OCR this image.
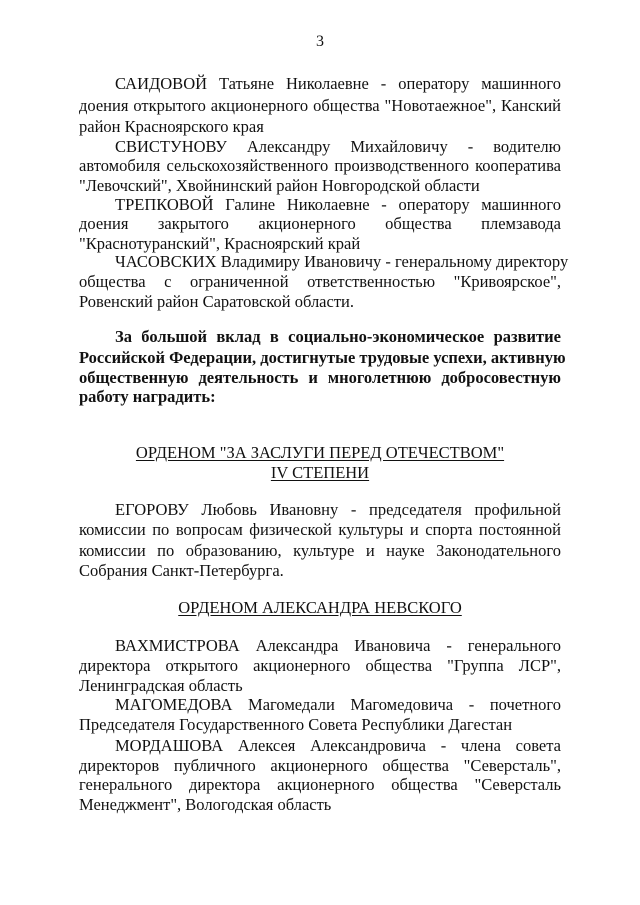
3
САИДОВОЙ Татьяне Николаевне - оператору машинного
доения открытого акционерного общества "Новотаежное", Канский
район Красноярского края
СВИСТУНОВУ Александру Михайловичу - водителю
автомобиля сельскохозяйственного производственного кооператива
"Левочский", Хвойнинский район Новгородской области
ТРЕПКОВОЙ Галине Николаевне - оператору машинного
доения закрытого акционерного общества племзавода
"Краснотуранский", Красноярский край
ЧАСОВСКИХ Владимиру Ивановичу - генеральному директору
общества с ограниченной ответственностью "Кривоярское",
Ровенский район Саратовской области.
За большой вклад в социально-экономическое развитие
Российской Федерации, достигнутые трудовые успехи, активную
общественную деятельность и многолетнюю добросовестную
работу наградить:
ОРДЕНОМ "ЗА ЗАСЛУГИ ПЕРЕД ОТЕЧЕСТВОМ"
IV СТЕПЕНИ
ЕГОРОВУ Любовь Ивановну - председателя профильной
комиссии по вопросам физической культуры и спорта постоянной
комиссии по образованию, культуре и науке Законодательного
Собрания Санкт-Петербурга.
ОРДЕНОМ АЛЕКСАНДРА НЕВСКОГО
ВАХМИСТРОВА Александра Ивановича - генерального
директора открытого акционерного общества "Группа ЛСР",
Ленинградская область
МАГОМЕДОВА Магомедали Магомедовича - почетного
Председателя Государственного Совета Республики Дагестан
МОРДАШОВА Алексея Александровича - члена совета
директоров публичного акционерного общества "Северсталь",
генерального директора акционерного общества "Северсталь
Менеджмент", Вологодская область
